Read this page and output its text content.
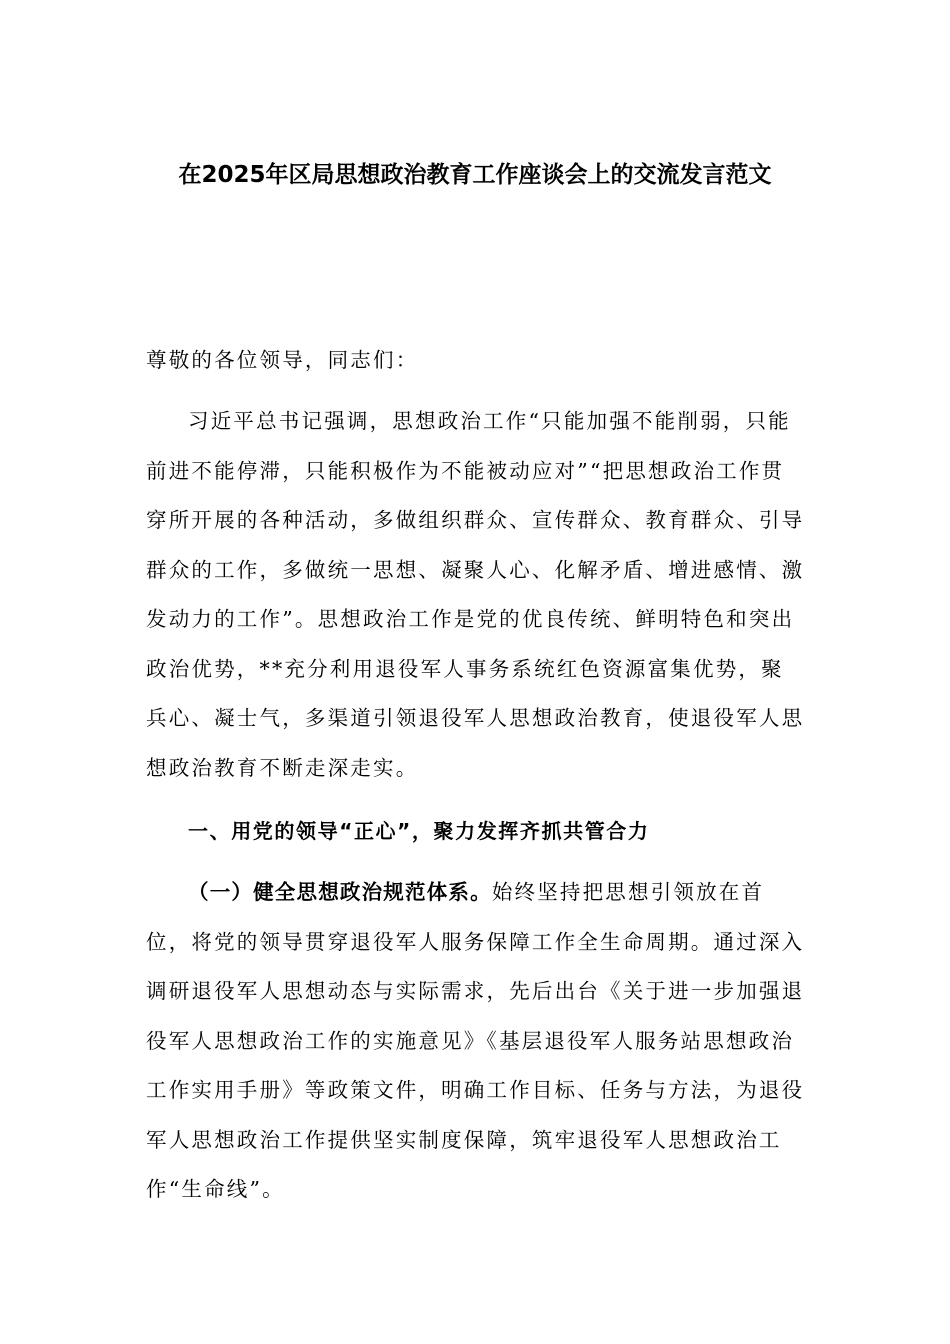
在2025年区局思想政治教育工作座谈会上的交流发言范文
尊敬的各位领导，同志们：

习近平总书记强调，思想政治工作“只能加强不能削弱，只能前进不能停滞，只能积极作为不能被动应对”“把思想政治工作贯穿所开展的各种活动，多做组织群众、宣传群众、教育群众、引导群众的工作，多做统一思想、凝聚人心、化解矛盾、增进感情、激发动力的工作”。思想政治工作是党的优良传统、鲜明特色和突出政治优势，**充分利用退役军人事务系统红色资源富集优势，聚兵心、凝士气，多渠道引领退役军人思想政治教育，使退役军人思想政治教育不断走深走实。

一、用党的领导“正心”，聚力发挥齐抓共管合力

（一）健全思想政治规范体系。始终坚持把思想引领放在首位，将党的领导贯穿退役军人服务保障工作全生命周期。通过深入调研退役军人思想动态与实际需求，先后出台《关于进一步加强退役军人思想政治工作的实施意见》《基层退役军人服务站思想政治工作实用手册》等政策文件，明确工作目标、任务与方法，为退役军人思想政治工作提供坚实制度保障，筑牢退役军人思想政治工作“生命线”。
